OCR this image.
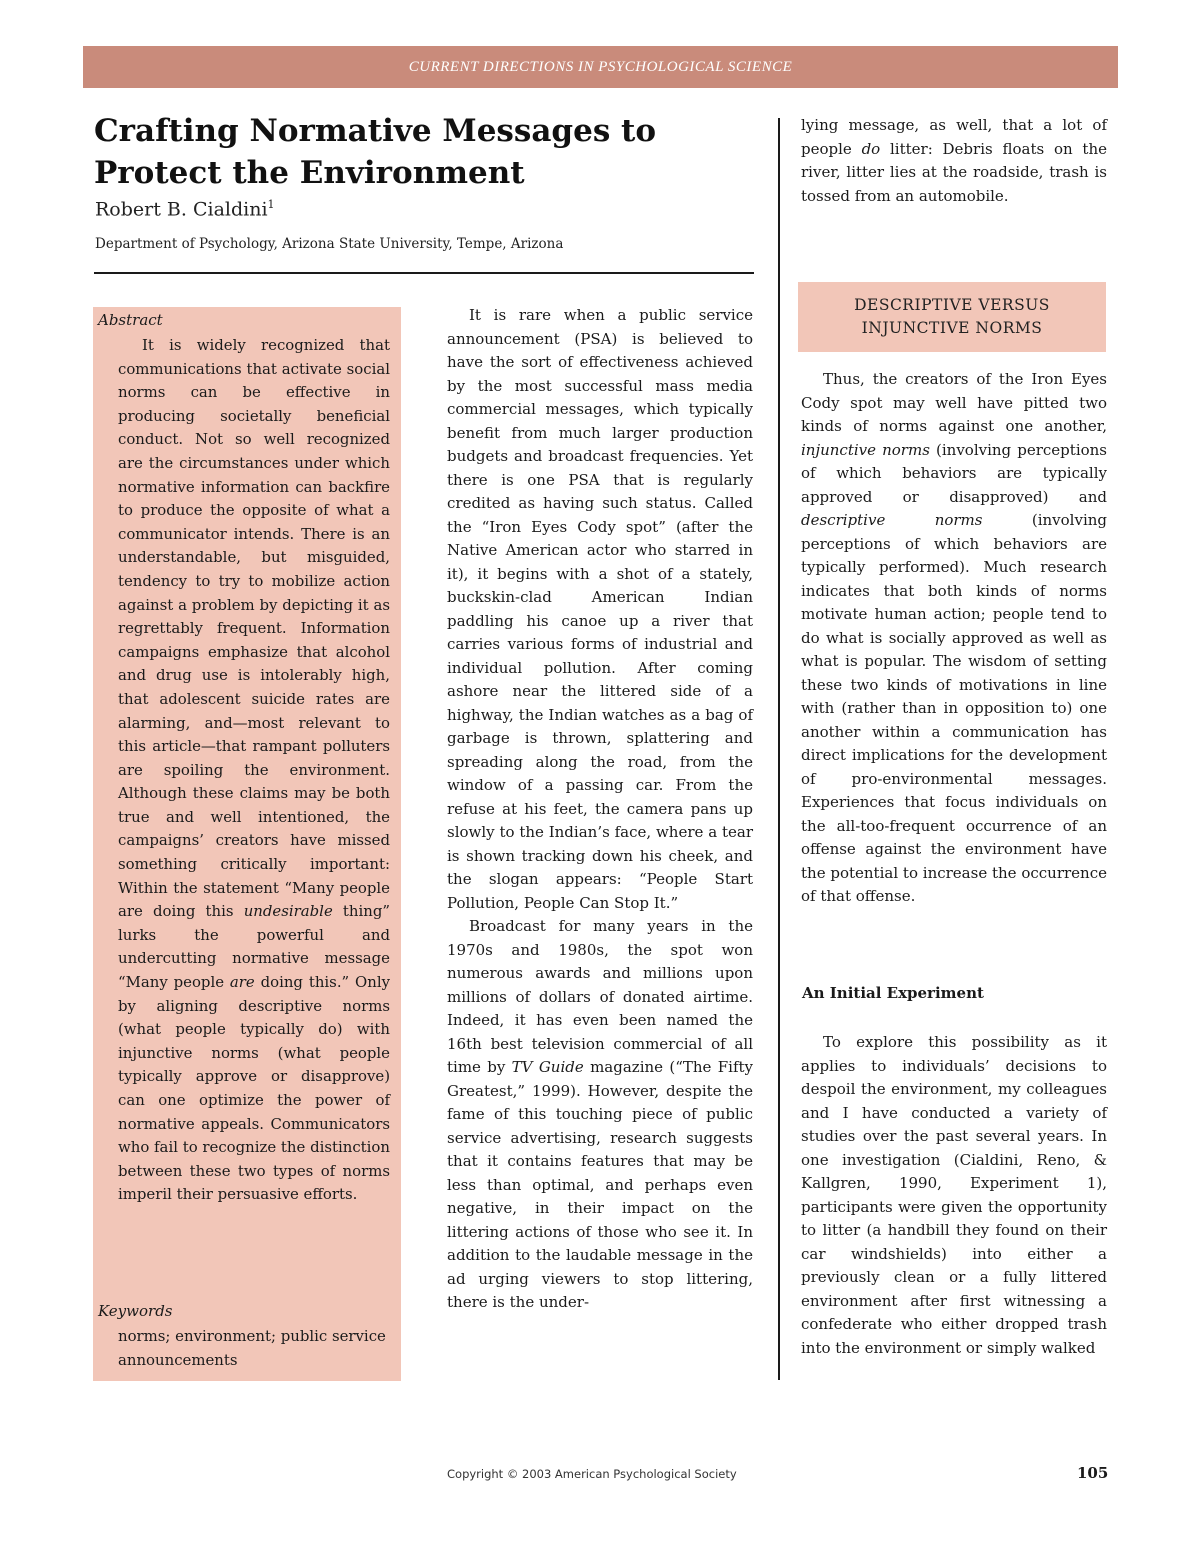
CURRENT DIRECTIONS IN PSYCHOLOGICAL SCIENCE
Crafting Normative Messages to Protect the Environment
Robert B. Cialdini$^1$
Department of Psychology, Arizona State University, Tempe, Arizona
Abstract

It is widely recognized that communications that activate social norms can be effective in producing societally beneficial conduct. Not so well recognized are the circumstances under which normative information can backfire to produce the opposite of what a communicator intends. There is an understandable, but misguided, tendency to try to mobilize action against a problem by depicting it as regrettably frequent. Information campaigns emphasize that alcohol and drug use is intolerably high, that adolescent suicide rates are alarming, and—most relevant to this article—that rampant polluters are spoiling the environment. Although these claims may be both true and well intentioned, the campaigns’ creators have missed something critically important: Within the statement “Many people are doing this undesirable thing” lurks the powerful and undercutting normative message “Many people are doing this.” Only by aligning descriptive norms (what people typically do) with injunctive norms (what people typically approve or disapprove) can one optimize the power of normative appeals. Communicators who fail to recognize the distinction between these two types of norms imperil their persuasive efforts.

Keywords

norms; environment; public service announcements

It is rare when a public service announcement (PSA) is believed to have the sort of effectiveness achieved by the most successful mass media commercial messages, which typically benefit from much larger production budgets and broadcast frequencies. Yet there is one PSA that is regularly credited as having such status. Called the “Iron Eyes Cody spot” (after the Native American actor who starred in it), it begins with a shot of a stately, buckskin-clad American Indian paddling his canoe up a river that carries various forms of industrial and individual pollution. After coming ashore near the littered side of a highway, the Indian watches as a bag of garbage is thrown, splattering and spreading along the road, from the window of a passing car. From the refuse at his feet, the camera pans up slowly to the Indian’s face, where a tear is shown tracking down his cheek, and the slogan appears: “People Start Pollution, People Can Stop It.”

Broadcast for many years in the 1970s and 1980s, the spot won numerous awards and millions upon millions of dollars of donated airtime. Indeed, it has even been named the 16th best television commercial of all time by TV Guide magazine (“The Fifty Greatest,” 1999). However, despite the fame of this touching piece of public service advertising, research suggests that it contains features that may be less than optimal, and perhaps even negative, in their impact on the littering actions of those who see it. In addition to the laudable message in the ad urging viewers to stop littering, there is the under-

lying message, as well, that a lot of people do litter: Debris floats on the river, litter lies at the roadside, trash is tossed from an automobile.

DESCRIPTIVE VERSUS INJUNCTIVE NORMS

Thus, the creators of the Iron Eyes Cody spot may well have pitted two kinds of norms against one another, injunctive norms (involving perceptions of which behaviors are typically approved or disapproved) and descriptive norms (involving perceptions of which behaviors are typically performed). Much research indicates that both kinds of norms motivate human action; people tend to do what is socially approved as well as what is popular. The wisdom of setting these two kinds of motivations in line with (rather than in opposition to) one another within a communication has direct implications for the development of pro-environmental messages. Experiences that focus individuals on the all-too-frequent occurrence of an offense against the environment have the potential to increase the occurrence of that offense.

An Initial Experiment

To explore this possibility as it applies to individuals’ decisions to despoil the environment, my colleagues and I have conducted a variety of studies over the past several years. In one investigation (Cialdini, Reno, & Kallgren, 1990, Experiment 1), participants were given the opportunity to litter (a handbill they found on their car windshields) into either a previously clean or a fully littered environment after first witnessing a confederate who either dropped trash into the environment or simply walked

Copyright © 2003 American Psychological Society	105
